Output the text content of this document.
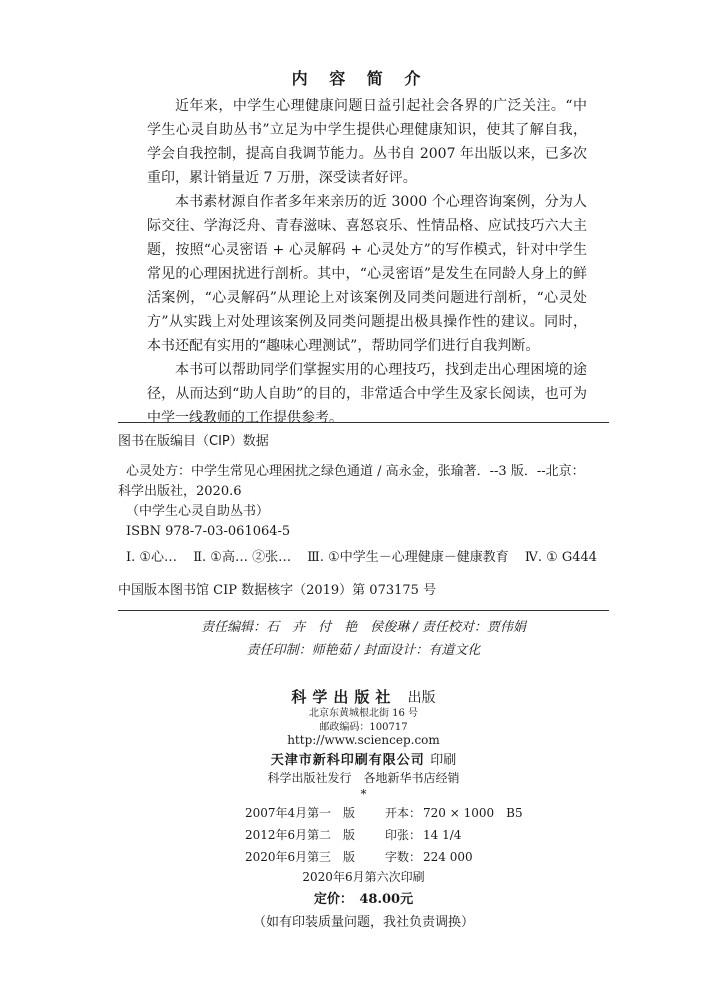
内 容 简 介

近年来，中学生心理健康问题日益引起社会各界的广泛关注。“中学生心灵自助丛书”立足为中学生提供心理健康知识，使其了解自我，学会自我控制，提高自我调节能力。丛书自 2007 年出版以来，已多次重印，累计销量近 7 万册，深受读者好评。

本书素材源自作者多年来亲历的近 3000 个心理咨询案例，分为人际交往、学海泛舟、青春滋味、喜怒哀乐、性情品格、应试技巧六大主题，按照“心灵密语 + 心灵解码 + 心灵处方”的写作模式，针对中学生常见的心理困扰进行剖析。其中，“心灵密语”是发生在同龄人身上的鲜活案例，“心灵解码”从理论上对该案例及同类问题进行剖析，“心灵处方”从实践上对处理该案例及同类问题提出极具操作性的建议。同时，本书还配有实用的“趣味心理测试”，帮助同学们进行自我判断。

本书可以帮助同学们掌握实用的心理技巧，找到走出心理困境的途径，从而达到“助人自助”的目的，非常适合中学生及家长阅读，也可为中学一线教师的工作提供参考。

图书在版编目（CIP）数据
心灵处方：中学生常见心理困扰之绿色通道 / 高永金，张瑜著．--3 版．--北京：
科学出版社，2020.6
（中学生心灵自助丛书）
ISBN 978-7-03-061064-5
Ⅰ. ①心… Ⅱ. ①高… ②张… Ⅲ. ①中学生－心理健康－健康教育 Ⅳ. ① G444
中国版本图书馆 CIP 数据核字（2019）第 073175 号
责任编辑：石　卉　付　艳　侯俊琳 / 责任校对：贾伟娟
责任印制：师艳茹 / 封面设计：有道文化
科学出版社 出版
北京东黄城根北街 16 号
邮政编码：100717
http://www.sciencep.com
天津市新科印刷有限公司 印刷
科学出版社发行　各地新华书店经销
*
2007年4月第一　版 开本： 720 × 1000　B5
2012年6月第二　版 印张： 14 1/4
2020年6月第三　版 字数： 224 000
2020年6月第六次印刷
定价：　48.00元
（如有印装质量问题，我社负责调换）
